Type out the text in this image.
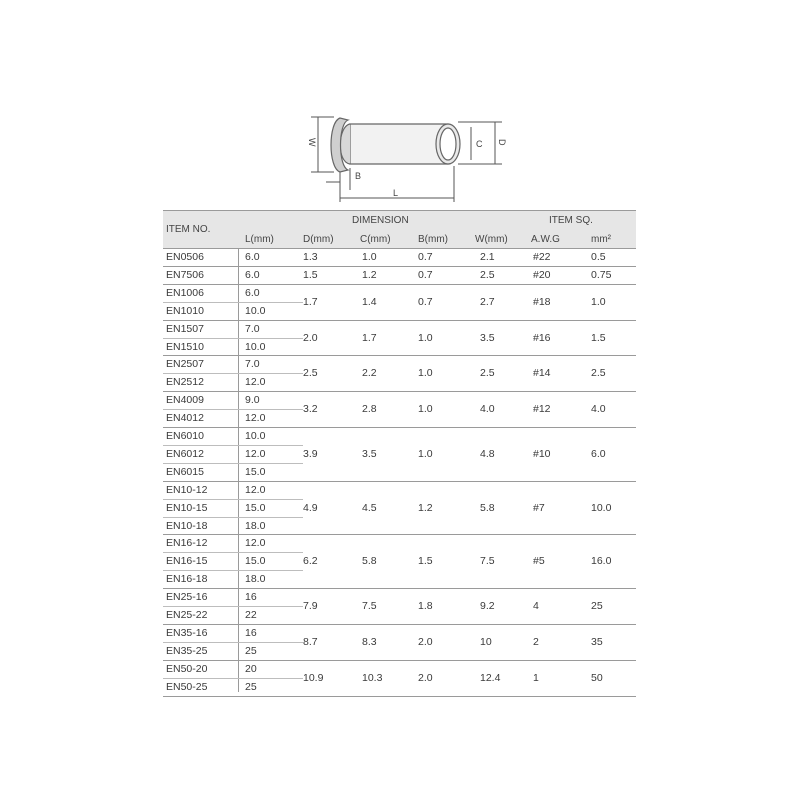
W	C D
B
L
ITEM NO.
DIMENSION	ITEM SQ.
L(mm)	D(mm)	C(mm)	B(mm)	W(mm) A.W.G	mm²
EN0506	6.0	1.3	1.0	0.7	2.1	#22	0.5
EN7506	6.0	1.5	1.2	0.7	2.5	#20	0.75
EN1006	6.0
EN1010	10.0
1.7	1.4	0.7	2.7	#18	1.0
EN1507	7.0
EN1510	10.0
2.0	1.7	1.0	3.5	#16	1.5
EN2507	7.0
EN2512	12.0
2.5	2.2	1.0	2.5	#14	2.5
EN4009	9.0
EN4012	12.0
3.2	2.8	1.0	4.0	#12	4.0
EN6010	10.0
EN6012	12.0
EN6015	15.0
3.9	3.5	1.0	4.8	#10	6.0
EN10-12	12.0
EN10-15	15.0
EN10-18	18.0
4.9	4.5	1.2	5.8	#7	10.0
EN16-12	12.0
EN16-15	15.0
EN16-18	18.0
6.2	5.8	1.5	7.5	#5	16.0
EN25-16	16
EN25-22	22
7.9	7.5	1.8	9.2	4	25
EN35-16	16
EN35-25	25
8.7	8.3	2.0	10	2	35
EN50-20	20
EN50-25	25
10.9	10.3	2.0	12.4	1	50
